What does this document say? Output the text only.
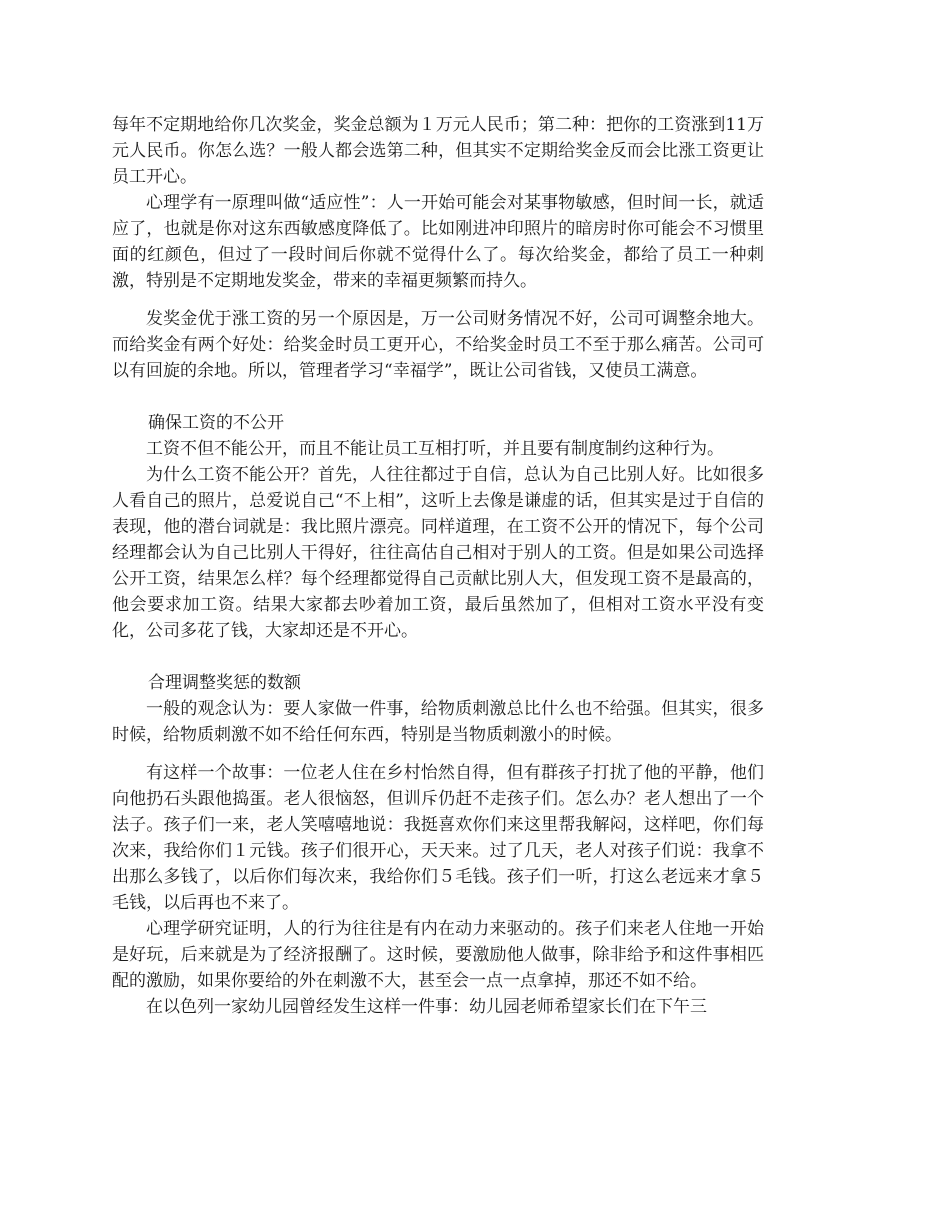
每年不定期地给你几次奖金，奖金总额为１万元人民币；第二种：把你的工资涨到11万元人民币。你怎么选？一般人都会选第二种，但其实不定期给奖金反而会比涨工资更让员工开心。

心理学有一原理叫做“适应性”：人一开始可能会对某事物敏感，但时间一长，就适应了，也就是你对这东西敏感度降低了。比如刚进冲印照片的暗房时你可能会不习惯里面的红颜色，但过了一段时间后你就不觉得什么了。每次给奖金，都给了员工一种刺激，特别是不定期地发奖金，带来的幸福更频繁而持久。

发奖金优于涨工资的另一个原因是，万一公司财务情况不好，公司可调整余地大。而给奖金有两个好处：给奖金时员工更开心，不给奖金时员工不至于那么痛苦。公司可以有回旋的余地。所以，管理者学习“幸福学”，既让公司省钱，又使员工满意。

确保工资的不公开

工资不但不能公开，而且不能让员工互相打听，并且要有制度制约这种行为。

为什么工资不能公开？首先，人往往都过于自信，总认为自己比别人好。比如很多人看自己的照片，总爱说自己“不上相”，这听上去像是谦虚的话，但其实是过于自信的表现，他的潜台词就是：我比照片漂亮。同样道理，在工资不公开的情况下，每个公司经理都会认为自己比别人干得好，往往高估自己相对于别人的工资。但是如果公司选择公开工资，结果怎么样？每个经理都觉得自己贡献比别人大，但发现工资不是最高的，他会要求加工资。结果大家都去吵着加工资，最后虽然加了，但相对工资水平没有变化，公司多花了钱，大家却还是不开心。

合理调整奖惩的数额

一般的观念认为：要人家做一件事，给物质刺激总比什么也不给强。但其实，很多时候，给物质刺激不如不给任何东西，特别是当物质刺激小的时候。

有这样一个故事：一位老人住在乡村怡然自得，但有群孩子打扰了他的平静，他们向他扔石头跟他捣蛋。老人很恼怒，但训斥仍赶不走孩子们。怎么办？老人想出了一个法子。孩子们一来，老人笑嘻嘻地说：我挺喜欢你们来这里帮我解闷，这样吧，你们每次来，我给你们１元钱。孩子们很开心，天天来。过了几天，老人对孩子们说：我拿不出那么多钱了，以后你们每次来，我给你们５毛钱。孩子们一听，打这么老远来才拿５毛钱，以后再也不来了。

心理学研究证明，人的行为往往是有内在动力来驱动的。孩子们来老人住地一开始是好玩，后来就是为了经济报酬了。这时候，要激励他人做事，除非给予和这件事相匹配的激励，如果你要给的外在刺激不大，甚至会一点一点拿掉，那还不如不给。

在以色列一家幼儿园曾经发生这样一件事：幼儿园老师希望家长们在下午三
